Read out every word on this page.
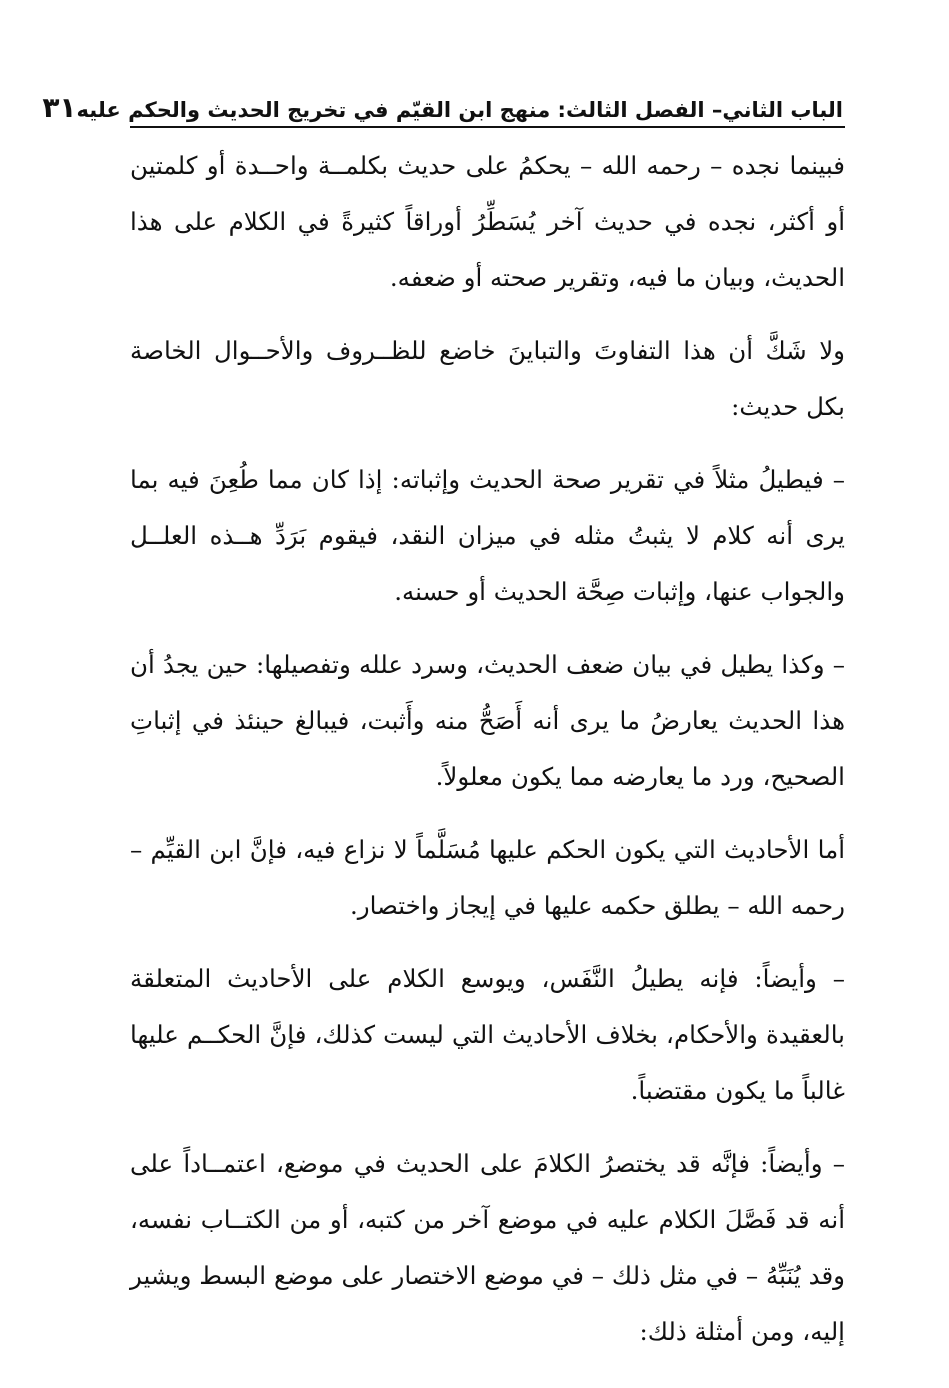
الباب الثاني– الفصل الثالث: منهج ابن القيّم في تخريج الحديث والحكم عليه
٣١

فبينما نجده – رحمه الله – يحكمُ على حديث بكلمــة واحــدة أو كلمتين أو أكثر، نجده في حديث آخر يُسَطِّرُ أوراقاً كثيرةً في الكلام على هذا الحديث، وبيان ما فيه، وتقرير صحته أو ضعفه.

ولا شَكَّ أن هذا التفاوتَ والتباينَ خاضع للظــروف والأحــوال الخاصة بكل حديث:

– فيطيلُ مثلاً في تقرير صحة الحديث وإثباته: إذا كان مما طُعِنَ فيه بما يرى أنه كلام لا يثبتُ مثله في ميزان النقد، فيقوم بَرَدِّ هــذه العلــل والجواب عنها، وإثبات صِحَّة الحديث أو حسنه.

– وكذا يطيل في بيان ضعف الحديث، وسرد علله وتفصيلها: حين يجدُ أن هذا الحديث يعارضُ ما يرى أنه أَصَحُّ منه وأَثبت، فيبالغ حينئذ في إثباتِ الصحيح، ورد ما يعارضه مما يكون معلولاً.

أما الأحاديث التي يكون الحكم عليها مُسَلَّماً لا نزاع فيه، فإنَّ ابن القيِّم – رحمه الله – يطلق حكمه عليها في إيجاز واختصار.

– وأيضاً: فإنه يطيلُ النَّفَس، ويوسع الكلام على الأحاديث المتعلقة بالعقيدة والأحكام، بخلاف الأحاديث التي ليست كذلك، فإنَّ الحكــم عليها غالباً ما يكون مقتضباً.

– وأيضاً: فإنَّه قد يختصرُ الكلامَ على الحديث في موضع، اعتمــاداً على أنه قد فَصَّلَ الكلام عليه في موضع آخر من كتبه، أو من الكتــاب نفسه، وقد يُنَبِّهُ – في مثل ذلك – في موضع الاختصار على موضع البسط ويشير إليه، ومن أمثلة ذلك:
